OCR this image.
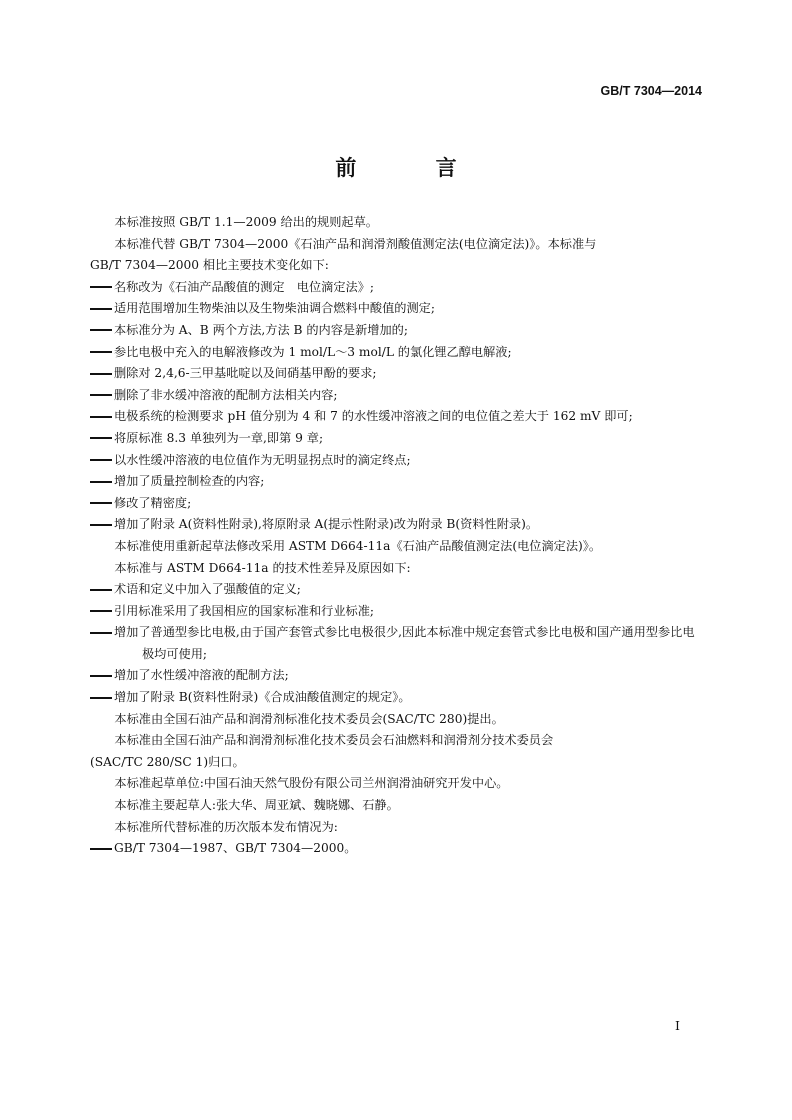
GB/T 7304—2014
前 言
本标准按照 GB/T 1.1—2009 给出的规则起草。
本标准代替 GB/T 7304—2000《石油产品和润滑剂酸值测定法(电位滴定法)》。本标准与
GB/T 7304—2000 相比主要技术变化如下:
名称改为《石油产品酸值的测定　电位滴定法》;
适用范围增加生物柴油以及生物柴油调合燃料中酸值的测定;
本标准分为 A、B 两个方法,方法 B 的内容是新增加的;
参比电极中充入的电解液修改为 1 mol/L～3 mol/L 的氯化锂乙醇电解液;
删除对 2,4,6-三甲基吡啶以及间硝基甲酚的要求;
删除了非水缓冲溶液的配制方法相关内容;
电极系统的检测要求 pH 值分别为 4 和 7 的水性缓冲溶液之间的电位值之差大于 162 mV 即可;
将原标准 8.3 单独列为一章,即第 9 章;
以水性缓冲溶液的电位值作为无明显拐点时的滴定终点;
增加了质量控制检查的内容;
修改了精密度;
增加了附录 A(资料性附录),将原附录 A(提示性附录)改为附录 B(资料性附录)。
本标准使用重新起草法修改采用 ASTM D664-11a《石油产品酸值测定法(电位滴定法)》。
本标准与 ASTM D664-11a 的技术性差异及原因如下:
术语和定义中加入了强酸值的定义;
引用标准采用了我国相应的国家标准和行业标准;
增加了普通型参比电极,由于国产套管式参比电极很少,因此本标准中规定套管式参比电极和国产通用型参比电极均可使用;
增加了水性缓冲溶液的配制方法;
增加了附录 B(资料性附录)《合成油酸值测定的规定》。
本标准由全国石油产品和润滑剂标准化技术委员会(SAC/TC 280)提出。
本标准由全国石油产品和润滑剂标准化技术委员会石油燃料和润滑剂分技术委员会
(SAC/TC 280/SC 1)归口。
本标准起草单位:中国石油天然气股份有限公司兰州润滑油研究开发中心。
本标准主要起草人:张大华、周亚斌、魏晓娜、石静。
本标准所代替标准的历次版本发布情况为:
GB/T 7304—1987、GB/T 7304—2000。
I
